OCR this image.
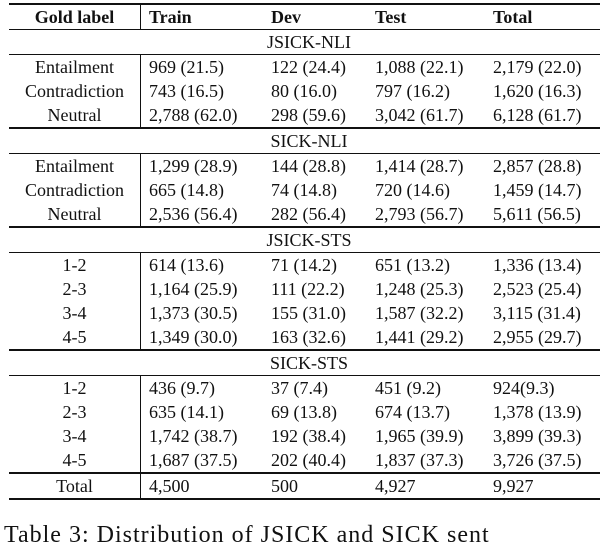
Gold label	Train	Dev	Test	Total
JSICK-NLI				
Entailment	969 (21.5)	122 (24.4)	1,088 (22.1)	2,179 (22.0)
Contradiction	743 (16.5)	80 (16.0)	797 (16.2)	1,620 (16.3)
Neutral	2,788 (62.0)	298 (59.6)	3,042 (61.7)	6,128 (61.7)
SICK-NLI				
Entailment	1,299 (28.9)	144 (28.8)	1,414 (28.7)	2,857 (28.8)
Contradiction	665 (14.8)	74 (14.8)	720 (14.6)	1,459 (14.7)
Neutral	2,536 (56.4)	282 (56.4)	2,793 (56.7)	5,611 (56.5)
JSICK-STS				
1-2	614 (13.6)	71 (14.2)	651 (13.2)	1,336 (13.4)
2-3	1,164 (25.9)	111 (22.2)	1,248 (25.3)	2,523 (25.4)
3-4	1,373 (30.5)	155 (31.0)	1,587 (32.2)	3,115 (31.4)
4-5	1,349 (30.0)	163 (32.6)	1,441 (29.2)	2,955 (29.7)
SICK-STS				
1-2	436 (9.7)	37 (7.4)	451 (9.2)	924(9.3)
2-3	635 (14.1)	69 (13.8)	674 (13.7)	1,378 (13.9)
3-4	1,742 (38.7)	192 (38.4)	1,965 (39.9)	3,899 (39.3)
4-5	1,687 (37.5)	202 (40.4)	1,837 (37.3)	3,726 (37.5)
Total	4,500	500	4,927	9,927
Table 3: Distribution of JSICK and SICK sent
